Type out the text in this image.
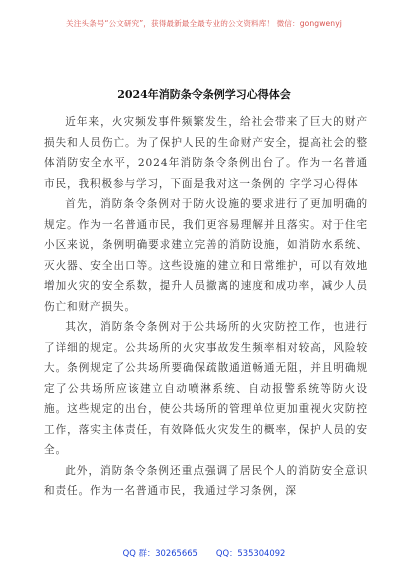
关注头条号“公文研究”，获得最新最全最专业的公文资料库！ 微信：gongwenyj
2024年消防条令条例学习心得体会

近年来，火灾频发事件频繁发生，给社会带来了巨大的财产损失和人员伤亡。为了保护人民的生命财产安全，提高社会的整体消防安全水平，2024年消防条令条例出台了。作为一名普通市民，我积极参与学习，下面是我对这一条例的 字学习心得体

首先，消防条令条例对于防火设施的要求进行了更加明确的规定。作为一名普通市民，我们更容易理解并且落实。对于住宅小区来说，条例明确要求建立完善的消防设施，如消防水系统、灭火器、安全出口等。这些设施的建立和日常维护，可以有效地增加火灾的安全系数，提升人员撤离的速度和成功率，减少人员伤亡和财产损失。

其次，消防条令条例对于公共场所的火灾防控工作，也进行了详细的规定。公共场所的火灾事故发生频率相对较高，风险较大。条例规定了公共场所要确保疏散通道畅通无阻，并且明确规定了公共场所应该建立自动喷淋系统、自动报警系统等防火设施。这些规定的出台，使公共场所的管理单位更加重视火灾防控工作，落实主体责任，有效降低火灾发生的概率，保护人员的安全。

此外，消防条令条例还重点强调了居民个人的消防安全意识和责任。作为一名普通市民，我通过学习条例，深

QQ 群：30265665 QQ：535304092
